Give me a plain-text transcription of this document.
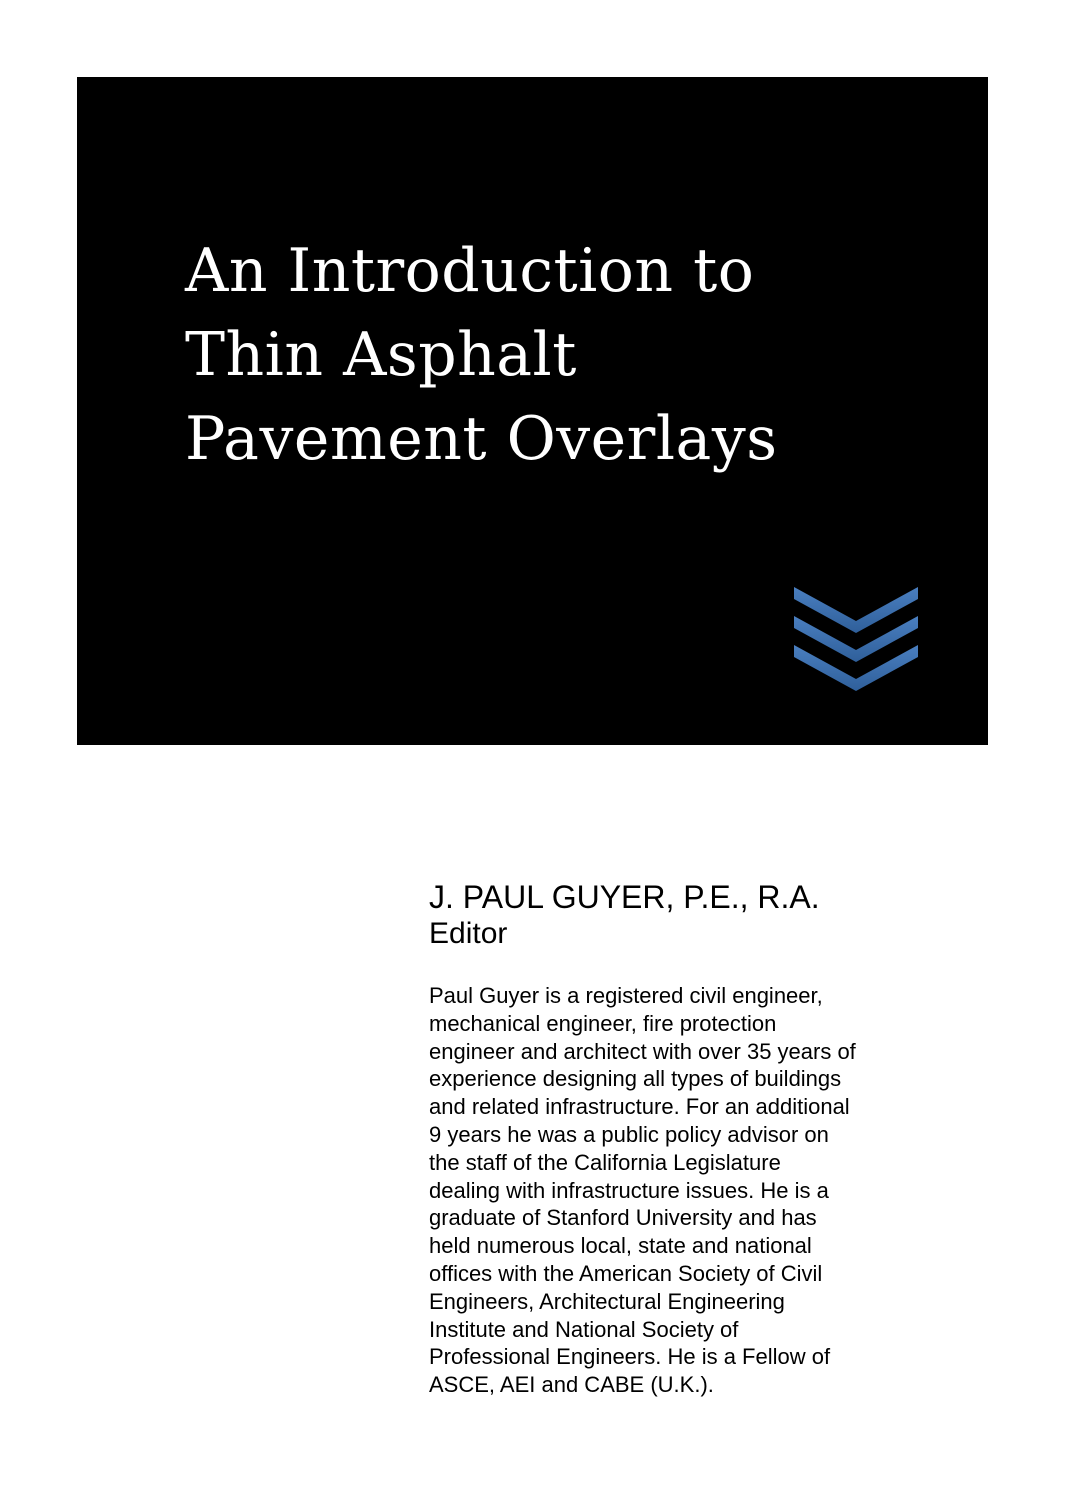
An Introduction to
Thin Asphalt
Pavement Overlays

J. PAUL GUYER, P.E., R.A.

Editor

Paul Guyer is a registered civil engineer,
mechanical engineer, fire protection
engineer and architect with over 35 years of
experience designing all types of buildings
and related infrastructure. For an additional
9 years he was a public policy advisor on
the staff of the California Legislature
dealing with infrastructure issues. He is a
graduate of Stanford University and has
held numerous local, state and national
offices with the American Society of Civil
Engineers, Architectural Engineering
Institute and National Society of
Professional Engineers. He is a Fellow of
ASCE, AEI and CABE (U.K.).
